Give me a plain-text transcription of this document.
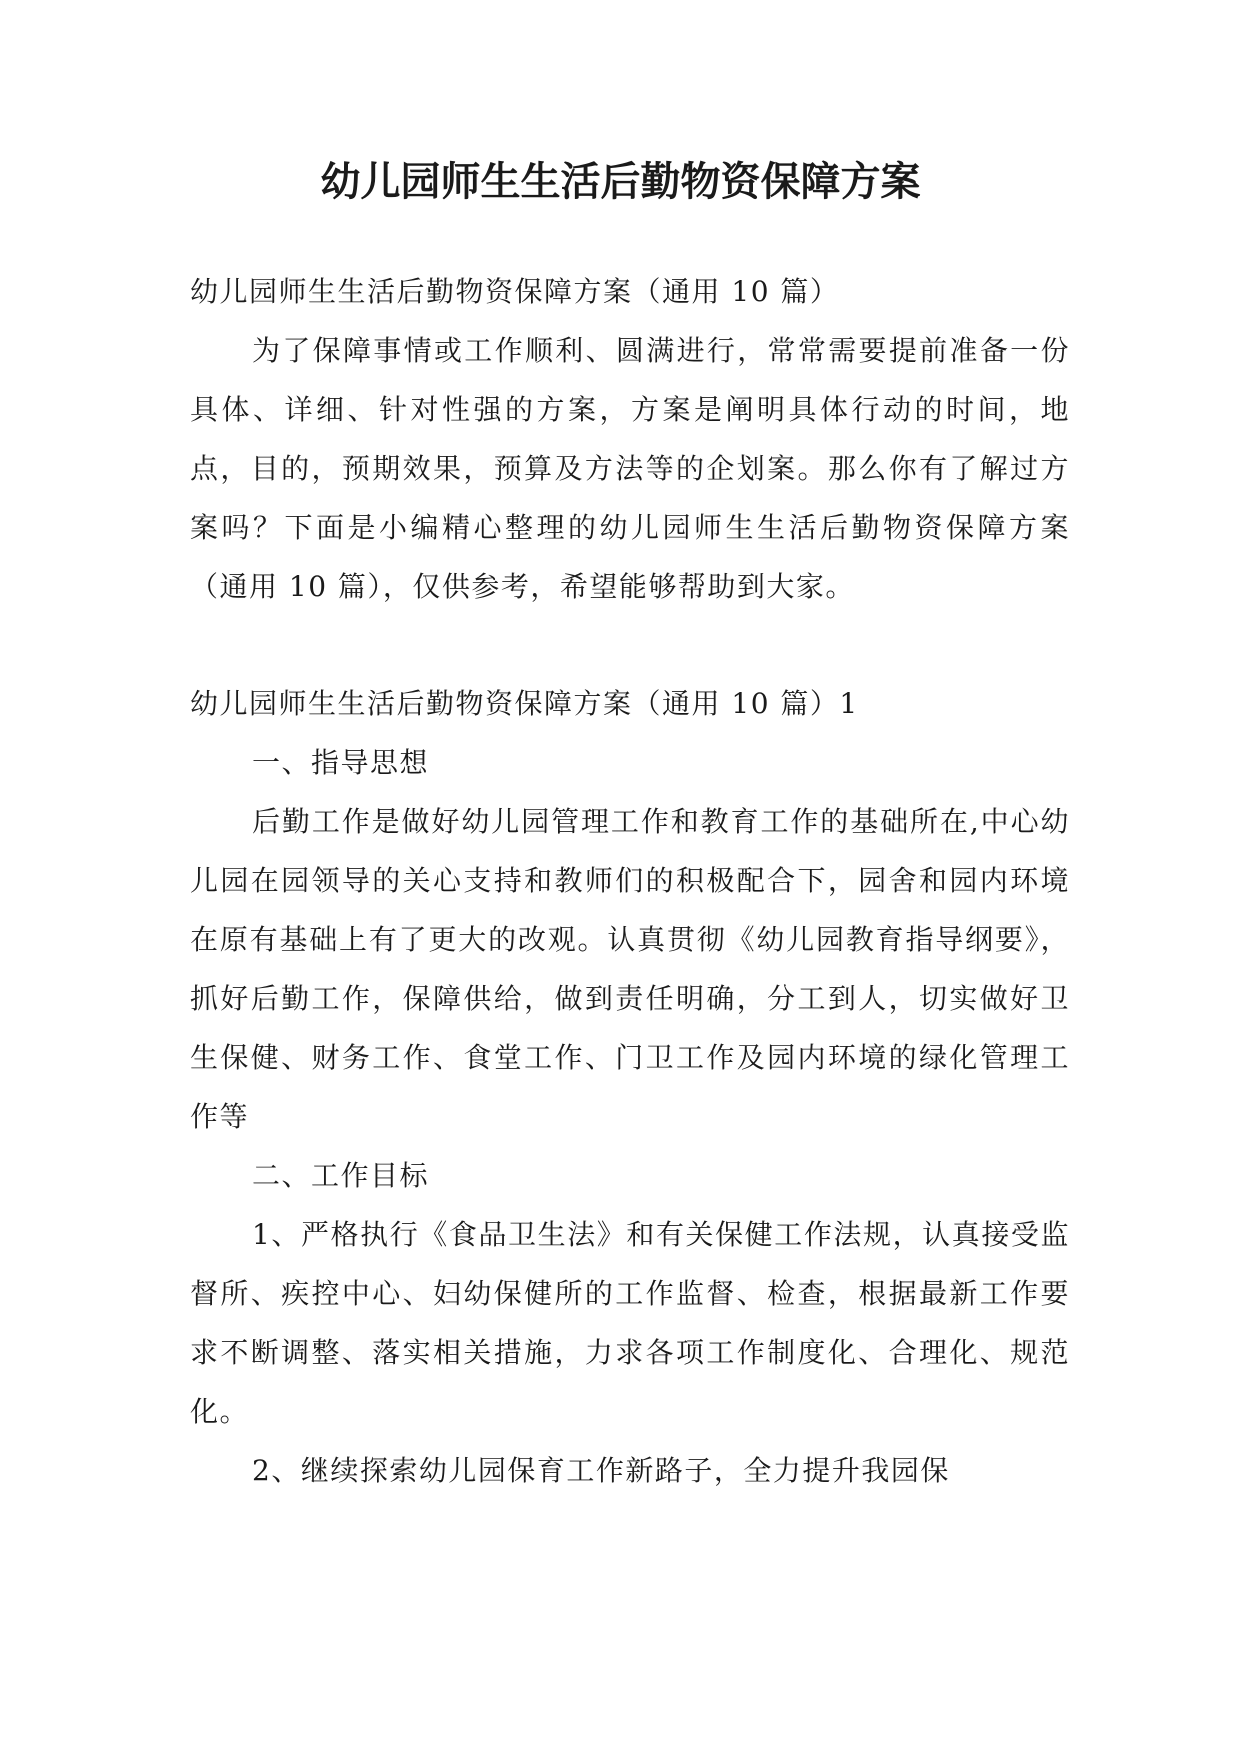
幼儿园师生生活后勤物资保障方案

幼儿园师生生活后勤物资保障方案（通用 10 篇）

为了保障事情或工作顺利、圆满进行，常常需要提前准备一份具体、详细、针对性强的方案，方案是阐明具体行动的时间，地点，目的，预期效果，预算及方法等的企划案。那么你有了解过方案吗？下面是小编精心整理的幼儿园师生生活后勤物资保障方案（通用 10 篇），仅供参考，希望能够帮助到大家。

幼儿园师生生活后勤物资保障方案（通用 10 篇）1

一、指导思想

后勤工作是做好幼儿园管理工作和教育工作的基础所在,中心幼儿园在园领导的关心支持和教师们的积极配合下，园舍和园内环境在原有基础上有了更大的改观。认真贯彻《幼儿园教育指导纲要》，抓好后勤工作，保障供给，做到责任明确，分工到人，切实做好卫生保健、财务工作、食堂工作、门卫工作及园内环境的绿化管理工作等

二、工作目标

1、严格执行《食品卫生法》和有关保健工作法规，认真接受监督所、疾控中心、妇幼保健所的工作监督、检查，根据最新工作要求不断调整、落实相关措施，力求各项工作制度化、合理化、规范化。

2、继续探索幼儿园保育工作新路子，全力提升我园保
